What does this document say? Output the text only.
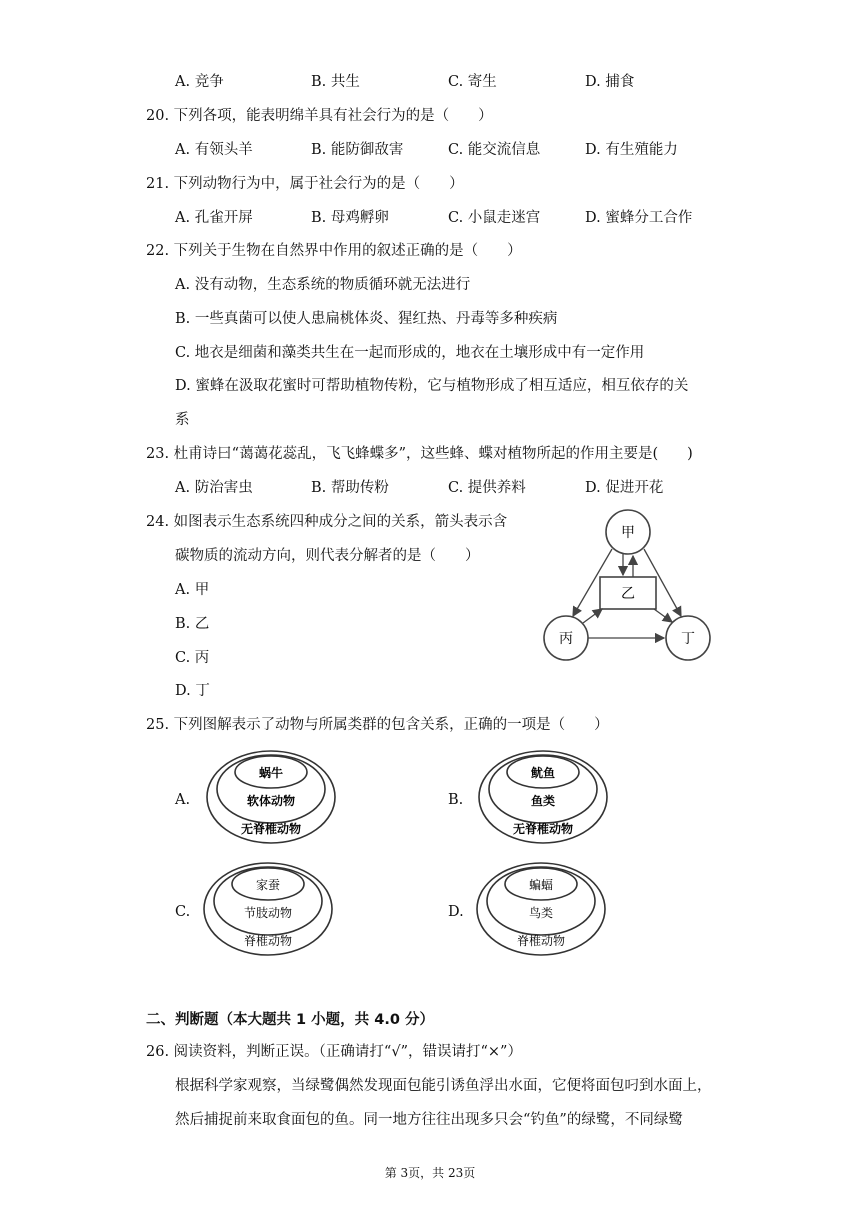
A. 竞争	B. 共生	C. 寄生	D. 捕食
20. 下列各项，能表明绵羊具有社会行为的是（　　）
A. 有领头羊	B. 能防御敌害	C. 能交流信息	D. 有生殖能力
21. 下列动物行为中，属于社会行为的是（　　）
A. 孔雀开屏	B. 母鸡孵卵	C. 小鼠走迷宫	D. 蜜蜂分工合作
22. 下列关于生物在自然界中作用的叙述正确的是（　　）
A. 没有动物，生态系统的物质循环就无法进行
B. 一些真菌可以使人患扁桃体炎、猩红热、丹毒等多种疾病
C. 地衣是细菌和藻类共生在一起而形成的，地衣在土壤形成中有一定作用
D. 蜜蜂在汲取花蜜时可帮助植物传粉，它与植物形成了相互适应，相互依存的关
系
23. 杜甫诗曰“蔼蔼花蕊乱，飞飞蜂蝶多”，这些蜂、蝶对植物所起的作用主要是(　　)
A. 防治害虫	B. 帮助传粉	C. 提供养料	D. 促进开花
24. 如图表示生态系统四种成分之间的关系，箭头表示含
碳物质的流动方向，则代表分解者的是（　　）
A. 甲
B. 乙
C. 丙
D. 丁
甲
乙
丙	丁
25. 下列图解表示了动物与所属类群的包含关系，正确的一项是（　　）
A.
蜗牛
软体动物
无脊椎动物
B.
鱿鱼
鱼类
无脊椎动物
C.
家蚕
节肢动物
脊椎动物
D.
蝙蝠
鸟类
脊椎动物
二、判断题（本大题共 1 小题，共 4.0 分）
26. 阅读资料，判断正误。（正确请打“√”，错误请打“×”）
根据科学家观察，当绿鹭偶然发现面包能引诱鱼浮出水面，它便将面包叼到水面上，
然后捕捉前来取食面包的鱼。同一地方往往出现多只会“钓鱼”的绿鹭，不同绿鹭
第 3页，共 23页
